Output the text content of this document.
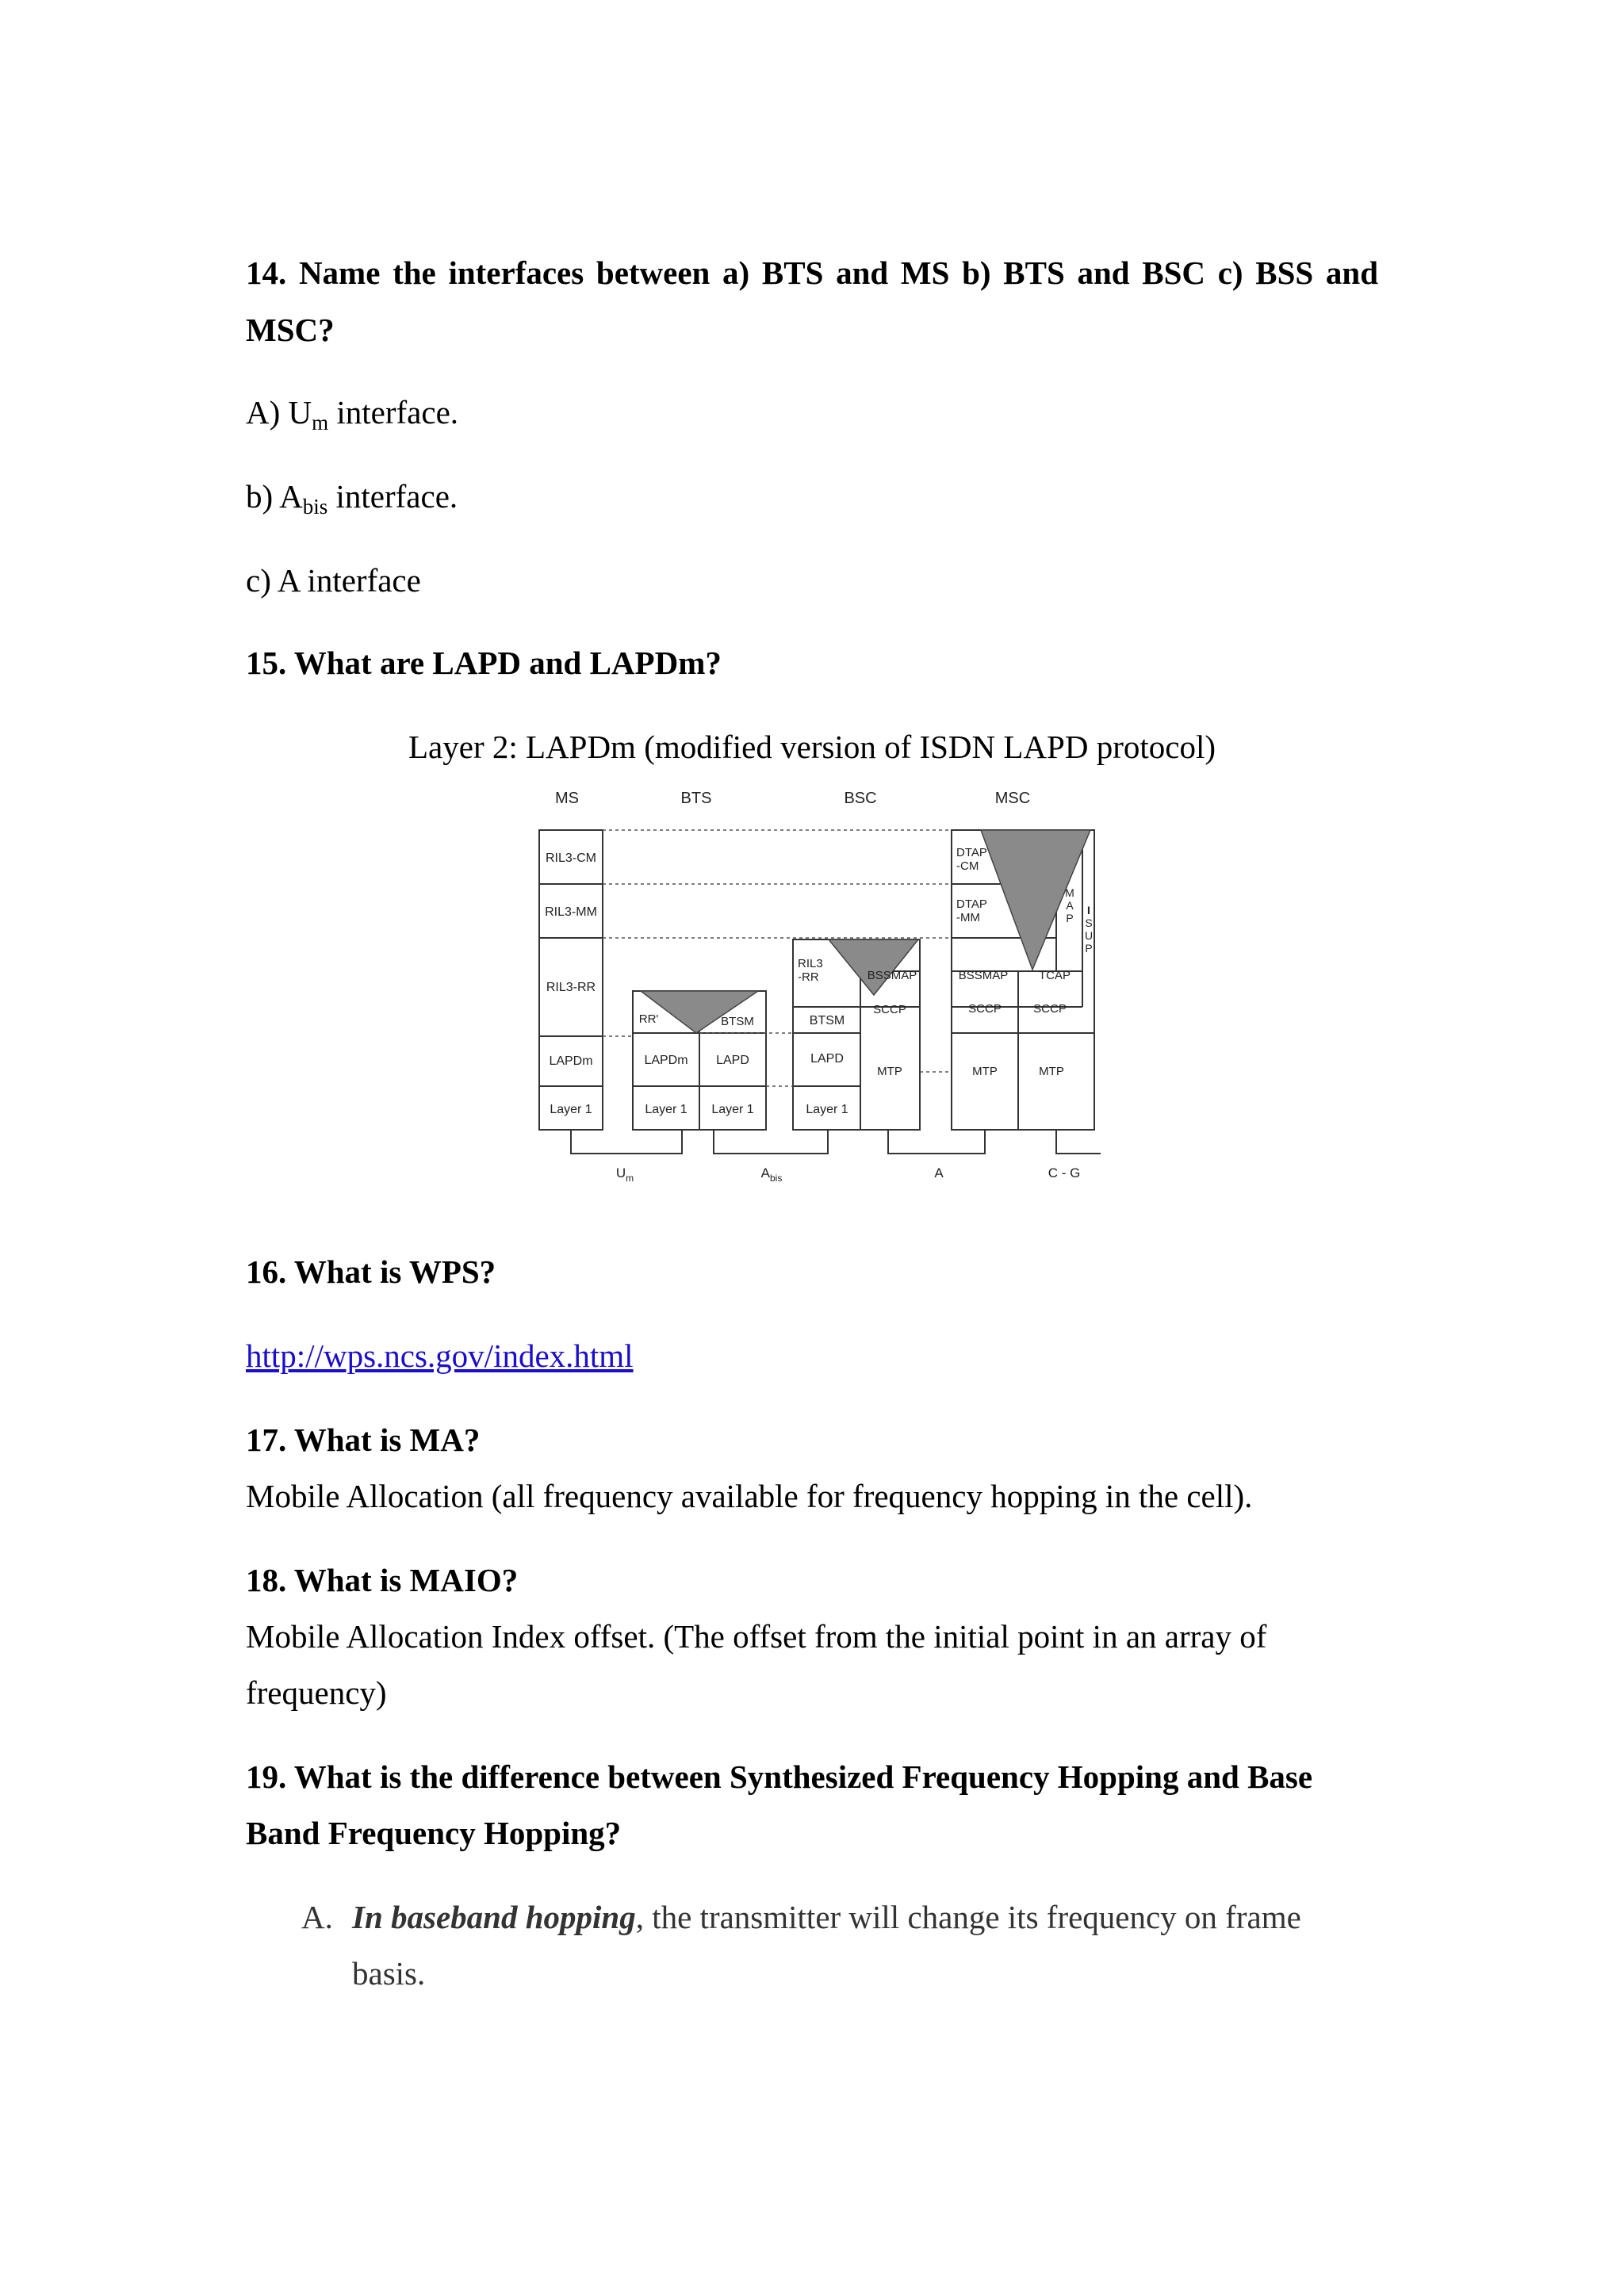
14. Name the interfaces between a) BTS and MS b) BTS and BSC c) BSS and
MSC?
A) $U_m$ interface.
b) $A_{bis}$ interface.
c) A interface
15. What are LAPD and LAPDm?
Layer 2: LAPDm (modified version of ISDN LAPD protocol)
MS	BTS	BSC	MSC
RIL3-CM
RIL3-MM
RIL3-RR
LAPDm
Layer 1
RR'	BTSM
LAPDm LAPD
Layer 1 Layer 1
RIL3
-RR	BSSMAP
SCCP
BTSM
LAPD
MTP
Layer 1
DTAP
-CM
DTAP
-MM
M
A
P
I
S
U
P
BSSMAP	TCAP
SCCP	SCCP
MTP	MTP
$U_m$	$A_{bis}$	A	C - G
16. What is WPS?
http://wps.ncs.gov/index.html
17. What is MA?
Mobile Allocation (all frequency available for frequency hopping in the cell).
18. What is MAIO?
Mobile Allocation Index offset. (The offset from the initial point in an array of
frequency)
19. What is the difference between Synthesized Frequency Hopping and Base
Band Frequency Hopping?
A. In baseband hopping, the transmitter will change its frequency on frame
basis.
